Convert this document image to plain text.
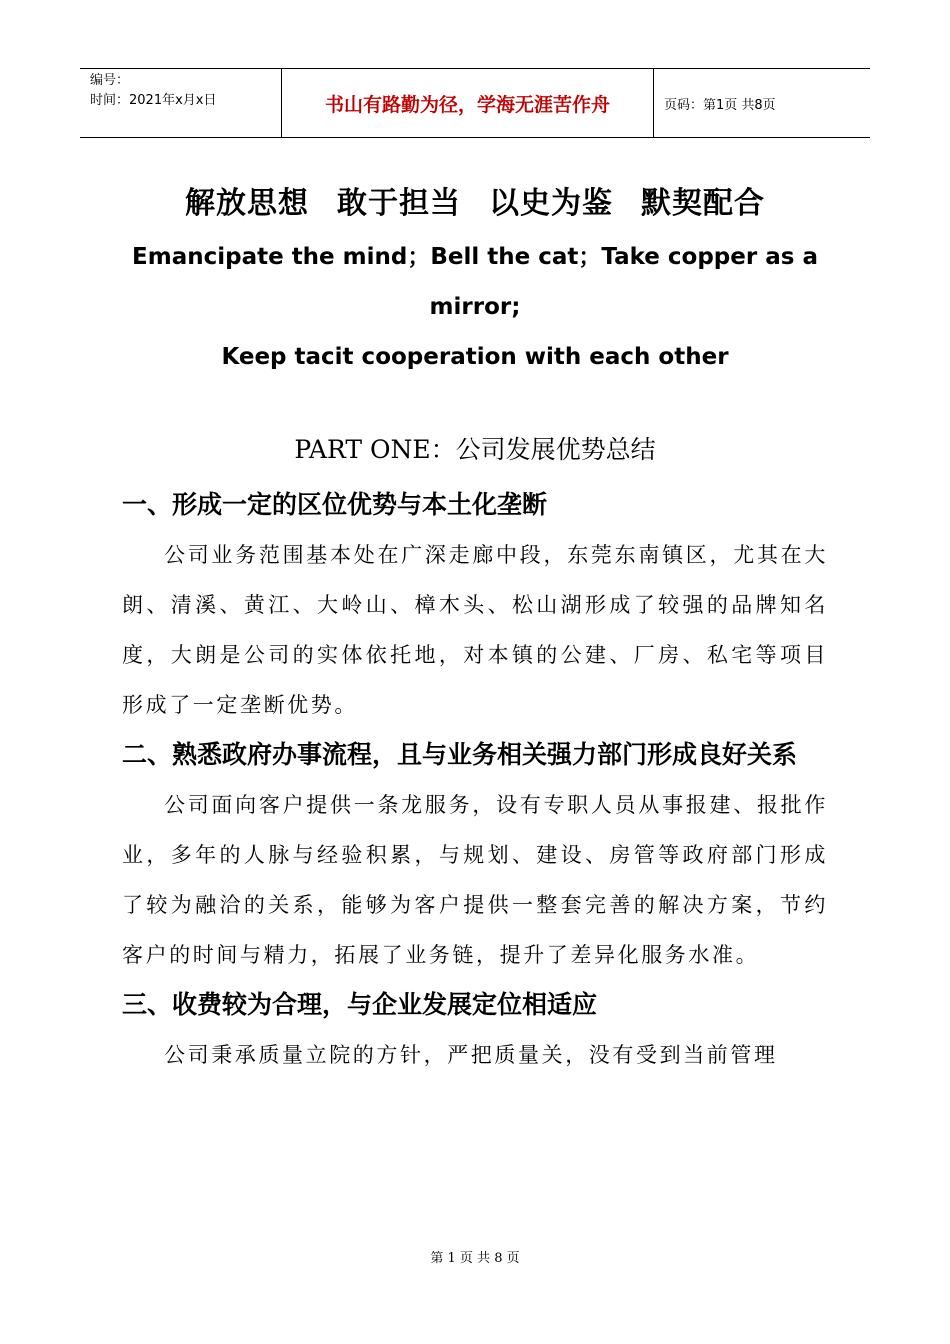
编号：
时间：2021年x月x日	书山有路勤为径，学海无涯苦作舟	页码：第1页 共8页
解放思想 敢于担当 以史为鉴 默契配合
Emancipate the mind；Bell the cat；Take copper as a mirror;
Keep tacit cooperation with each other
PART ONE：公司发展优势总结

一、形成一定的区位优势与本土化垄断

公司业务范围基本处在广深走廊中段，东莞东南镇区，尤其在大朗、清溪、黄江、大岭山、樟木头、松山湖形成了较强的品牌知名度，大朗是公司的实体依托地，对本镇的公建、厂房、私宅等项目形成了一定垄断优势。

二、熟悉政府办事流程，且与业务相关强力部门形成良好关系

公司面向客户提供一条龙服务，设有专职人员从事报建、报批作业，多年的人脉与经验积累，与规划、建设、房管等政府部门形成了较为融洽的关系，能够为客户提供一整套完善的解决方案，节约客户的时间与精力，拓展了业务链，提升了差异化服务水准。

三、收费较为合理，与企业发展定位相适应

公司秉承质量立院的方针，严把质量关，没有受到当前管理

第 1 页 共 8 页
